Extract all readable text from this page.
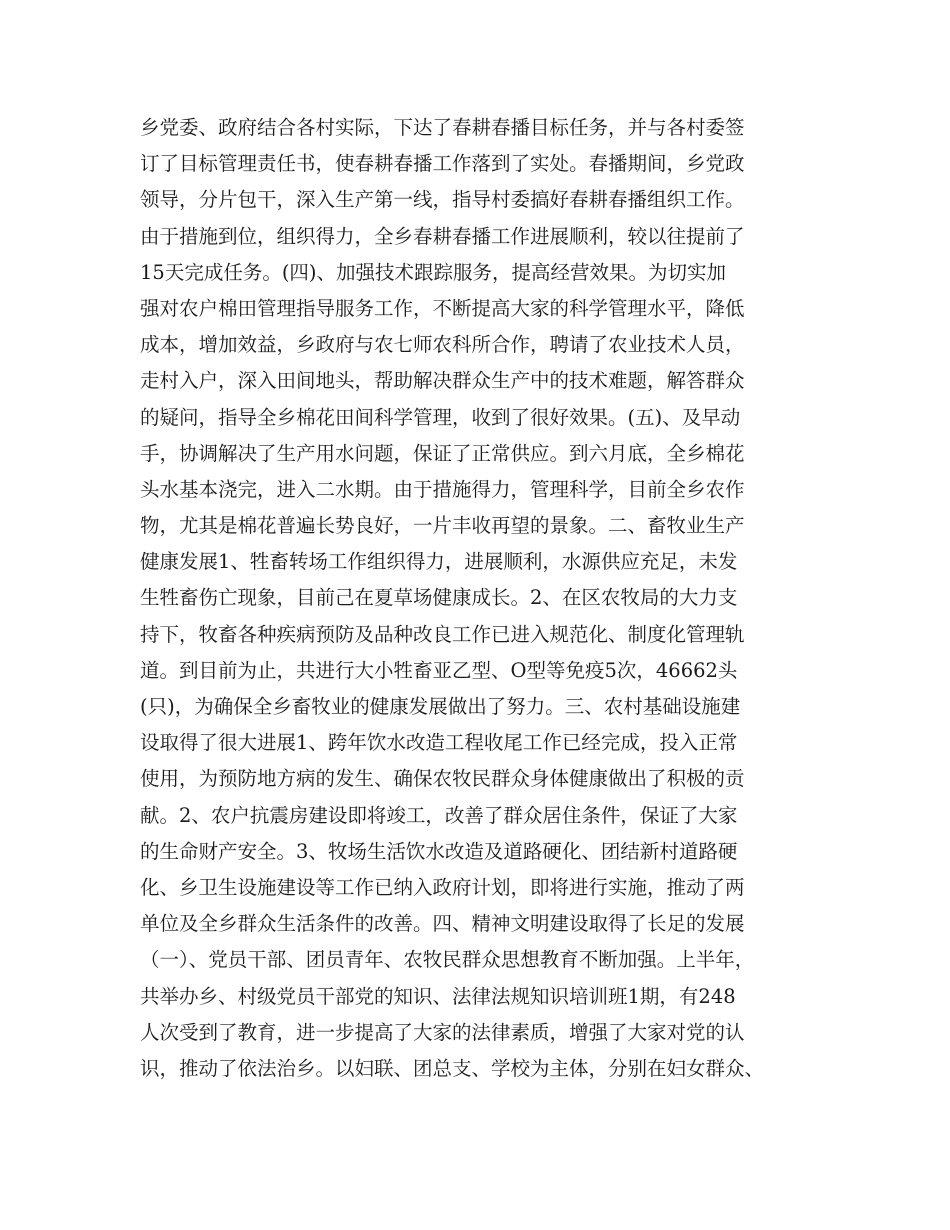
乡党委、政府结合各村实际，下达了春耕春播目标任务，并与各村委签
订了目标管理责任书，使春耕春播工作落到了实处。春播期间，乡党政
领导，分片包干，深入生产第一线，指导村委搞好春耕春播组织工作。
由于措施到位，组织得力，全乡春耕春播工作进展顺利，较以往提前了
15天完成任务。(四)、加强技术跟踪服务，提高经营效果。为切实加
强对农户棉田管理指导服务工作，不断提高大家的科学管理水平，降低
成本，增加效益，乡政府与农七师农科所合作，聘请了农业技术人员，
走村入户，深入田间地头，帮助解决群众生产中的技术难题，解答群众
的疑问，指导全乡棉花田间科学管理，收到了很好效果。(五)、及早动
手，协调解决了生产用水问题，保证了正常供应。到六月底，全乡棉花
头水基本浇完，进入二水期。由于措施得力，管理科学，目前全乡农作
物，尤其是棉花普遍长势良好，一片丰收再望的景象。二、畜牧业生产
健康发展1、牲畜转场工作组织得力，进展顺利，水源供应充足，未发
生牲畜伤亡现象，目前己在夏草场健康成长。2、在区农牧局的大力支
持下，牧畜各种疾病预防及品种改良工作已进入规范化、制度化管理轨
道。到目前为止，共进行大小牲畜亚乙型、O型等免疫5次，46662头
(只)，为确保全乡畜牧业的健康发展做出了努力。三、农村基础设施建
设取得了很大进展1、跨年饮水改造工程收尾工作已经完成，投入正常
使用，为预防地方病的发生、确保农牧民群众身体健康做出了积极的贡
献。2、农户抗震房建设即将竣工，改善了群众居住条件，保证了大家
的生命财产安全。3、牧场生活饮水改造及道路硬化、团结新村道路硬
化、乡卫生设施建设等工作已纳入政府计划，即将进行实施，推动了两
单位及全乡群众生活条件的改善。四、精神文明建设取得了长足的发展
（一）、党员干部、团员青年、农牧民群众思想教育不断加强。上半年，
共举办乡、村级党员干部党的知识、法律法规知识培训班1期，有248
人次受到了教育，进一步提高了大家的法律素质，增强了大家对党的认
识，推动了依法治乡。以妇联、团总支、学校为主体，分别在妇女群众、
